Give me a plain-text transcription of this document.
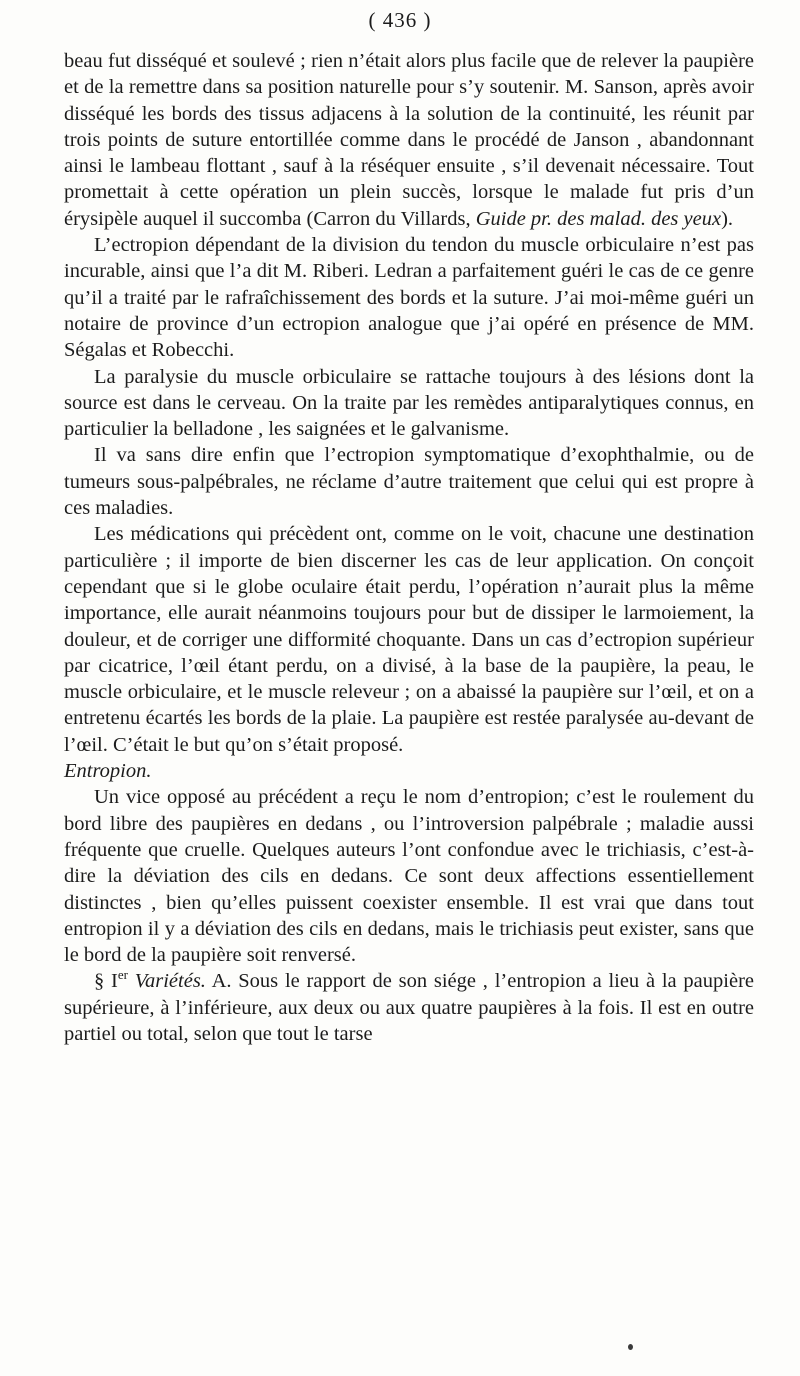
( 436 )

beau fut disséqué et soulevé ; rien n’était alors plus facile que de relever la paupière et de la remettre dans sa position naturelle pour s’y soutenir. M. Sanson, après avoir disséqué les bords des tissus adjacens à la solution de la continuité, les réunit par trois points de suture entortillée comme dans le procédé de Janson , abandonnant ainsi le lambeau flottant , sauf à la réséquer ensuite , s’il devenait nécessaire. Tout promettait à cette opération un plein succès, lorsque le malade fut pris d’un érysipèle auquel il succomba (Carron du Villards, Guide pr. des malad. des yeux).

L’ectropion dépendant de la division du tendon du muscle orbiculaire n’est pas incurable, ainsi que l’a dit M. Riberi. Ledran a parfaitement guéri le cas de ce genre qu’il a traité par le rafraîchissement des bords et la suture. J’ai moi-même guéri un notaire de province d’un ectropion analogue que j’ai opéré en présence de MM. Ségalas et Robecchi.

La paralysie du muscle orbiculaire se rattache toujours à des lésions dont la source est dans le cerveau. On la traite par les remèdes antiparalytiques connus, en particulier la belladone , les saignées et le galvanisme.

Il va sans dire enfin que l’ectropion symptomatique d’exophthalmie, ou de tumeurs sous-palpébrales, ne réclame d’autre traitement que celui qui est propre à ces maladies.

Les médications qui précèdent ont, comme on le voit, chacune une destination particulière ; il importe de bien discerner les cas de leur application. On conçoit cependant que si le globe oculaire était perdu, l’opération n’aurait plus la même importance, elle aurait néanmoins toujours pour but de dissiper le larmoiement, la douleur, et de corriger une difformité choquante. Dans un cas d’ectropion supérieur par cicatrice, l’œil étant perdu, on a divisé, à la base de la paupière, la peau, le muscle orbiculaire, et le muscle releveur ; on a abaissé la paupière sur l’œil, et on a entretenu écartés les bords de la plaie. La paupière est restée paralysée au-devant de l’œil. C’était le but qu’on s’était proposé.

Entropion.

Un vice opposé au précédent a reçu le nom d’entropion; c’est le roulement du bord libre des paupières en dedans , ou l’introversion palpébrale ; maladie aussi fréquente que cruelle. Quelques auteurs l’ont confondue avec le trichiasis, c’est-à-dire la déviation des cils en dedans. Ce sont deux affections essentiellement distinctes , bien qu’elles puissent coexister ensemble. Il est vrai que dans tout entropion il y a déviation des cils en dedans, mais le trichiasis peut exister, sans que le bord de la paupière soit renversé.

§ Ier Variétés. A. Sous le rapport de son siége , l’entropion a lieu à la paupière supérieure, à l’inférieure, aux deux ou aux quatre paupières à la fois. Il est en outre partiel ou total, selon que tout le tarse
